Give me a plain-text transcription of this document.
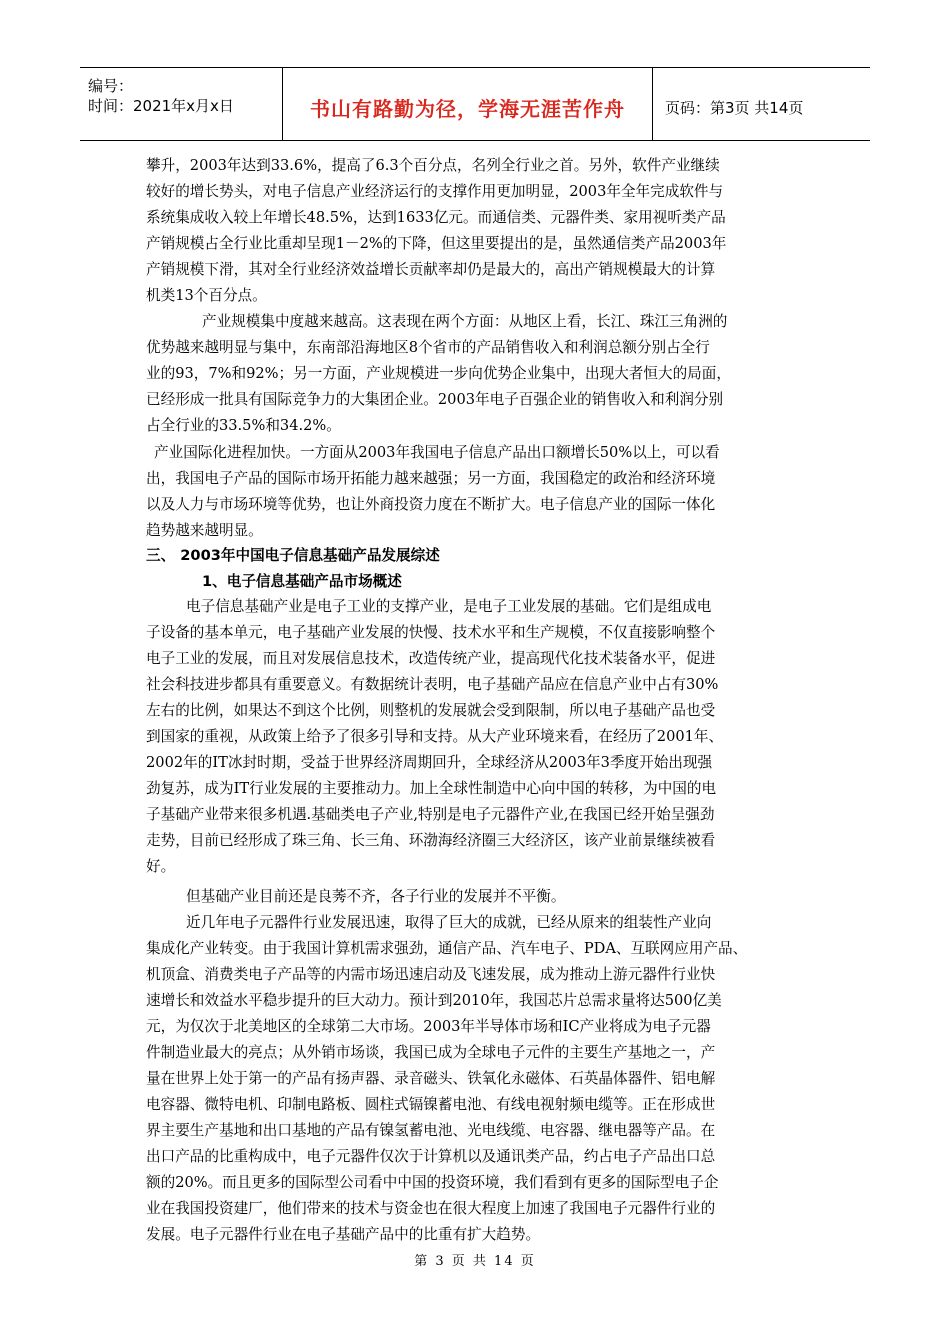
编号：
时间：2021年x月x日	书山有路勤为径，学海无涯苦作舟	页码：第3页 共14页
攀升，2003年达到33.6%，提高了6.3个百分点，名列全行业之首。另外，软件产业继续
较好的增长势头，对电子信息产业经济运行的支撑作用更加明显，2003年全年完成软件与
系统集成收入较上年增长48.5%，达到1633亿元。而通信类、元器件类、家用视听类产品
产销规模占全行业比重却呈现1－2%的下降，但这里要提出的是，虽然通信类产品2003年
产销规模下滑，其对全行业经济效益增长贡献率却仍是最大的，高出产销规模最大的计算
机类13个百分点。
产业规模集中度越来越高。这表现在两个方面：从地区上看，长江、珠江三角洲的
优势越来越明显与集中，东南部沿海地区8个省市的产品销售收入和利润总额分别占全行
业的93，7%和92%；另一方面，产业规模进一步向优势企业集中，出现大者恒大的局面，
已经形成一批具有国际竞争力的大集团企业。2003年电子百强企业的销售收入和利润分别
占全行业的33.5%和34.2%。
产业国际化进程加快。一方面从2003年我国电子信息产品出口额增长50%以上，可以看
出，我国电子产品的国际市场开拓能力越来越强；另一方面，我国稳定的政治和经济环境
以及人力与市场环境等优势，也让外商投资力度在不断扩大。电子信息产业的国际一体化
趋势越来越明显。
三、 2003年中国电子信息基础产品发展综述
1、电子信息基础产品市场概述
电子信息基础产业是电子工业的支撑产业，是电子工业发展的基础。它们是组成电
子设备的基本单元，电子基础产业发展的快慢、技术水平和生产规模，不仅直接影响整个
电子工业的发展，而且对发展信息技术，改造传统产业，提高现代化技术装备水平，促进
社会科技进步都具有重要意义。有数据统计表明，电子基础产品应在信息产业中占有30%
左右的比例，如果达不到这个比例，则整机的发展就会受到限制，所以电子基础产品也受
到国家的重视，从政策上给予了很多引导和支持。从大产业环境来看，在经历了2001年、
2002年的IT冰封时期，受益于世界经济周期回升，全球经济从2003年3季度开始出现强
劲复苏，成为IT行业发展的主要推动力。加上全球性制造中心向中国的转移，为中国的电
子基础产业带来很多机遇.基础类电子产业,特别是电子元器件产业,在我国已经开始呈强劲
走势，目前已经形成了珠三角、长三角、环渤海经济圈三大经济区，该产业前景继续被看
好。
但基础产业目前还是良莠不齐，各子行业的发展并不平衡。
近几年电子元器件行业发展迅速，取得了巨大的成就，已经从原来的组装性产业向
集成化产业转变。由于我国计算机需求强劲，通信产品、汽车电子、PDA、互联网应用产品、
机顶盒、消费类电子产品等的内需市场迅速启动及飞速发展，成为推动上游元器件行业快
速增长和效益水平稳步提升的巨大动力。预计到2010年，我国芯片总需求量将达500亿美
元，为仅次于北美地区的全球第二大市场。2003年半导体市场和IC产业将成为电子元器
件制造业最大的亮点；从外销市场谈，我国已成为全球电子元件的主要生产基地之一，产
量在世界上处于第一的产品有扬声器、录音磁头、铁氧化永磁体、石英晶体器件、铝电解
电容器、微特电机、印制电路板、圆柱式镉镍蓄电池、有线电视射频电缆等。正在形成世
界主要生产基地和出口基地的产品有镍氢蓄电池、光电线缆、电容器、继电器等产品。在
出口产品的比重构成中，电子元器件仅次于计算机以及通讯类产品，约占电子产品出口总
额的20%。而且更多的国际型公司看中中国的投资环境，我们看到有更多的国际型电子企
业在我国投资建厂，他们带来的技术与资金也在很大程度上加速了我国电子元器件行业的
发展。电子元器件行业在电子基础产品中的比重有扩大趋势。
第 3 页 共 14 页
